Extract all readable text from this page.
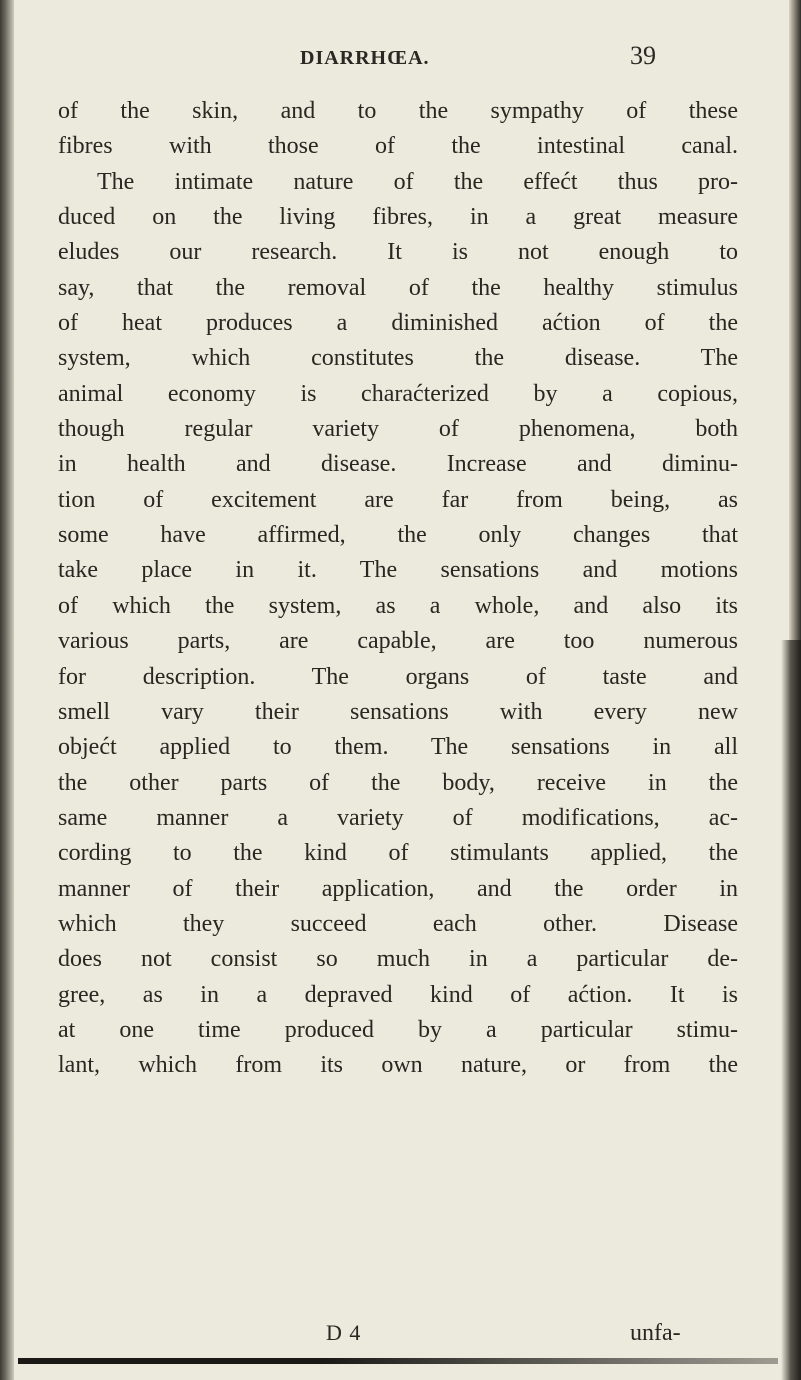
DIARRHŒA.	39
of the skin, and to the sympathy of these
fibres with those of the intestinal canal.
The intimate nature of the effećt thus pro-
duced on the living fibres, in a great measure
eludes our research. It is not enough to
say, that the removal of the healthy stimulus
of heat produces a diminished aćtion of the
system, which constitutes the disease. The
animal economy is charaćterized by a copious,
though regular variety of phenomena, both
in health and disease. Increase and diminu-
tion of excitement are far from being, as
some have affirmed, the only changes that
take place in it. The sensations and motions
of which the system, as a whole, and also its
various parts, are capable, are too numerous
for description. The organs of taste and
smell vary their sensations with every new
objećt applied to them. The sensations in all
the other parts of the body, receive in the
same manner a variety of modifications, ac-
cording to the kind of stimulants applied, the
manner of their application, and the order in
which they succeed each other. Disease
does not consist so much in a particular de-
gree, as in a depraved kind of aćtion. It is
at one time produced by a particular stimu-
lant, which from its own nature, or from the
D 4	unfa-
